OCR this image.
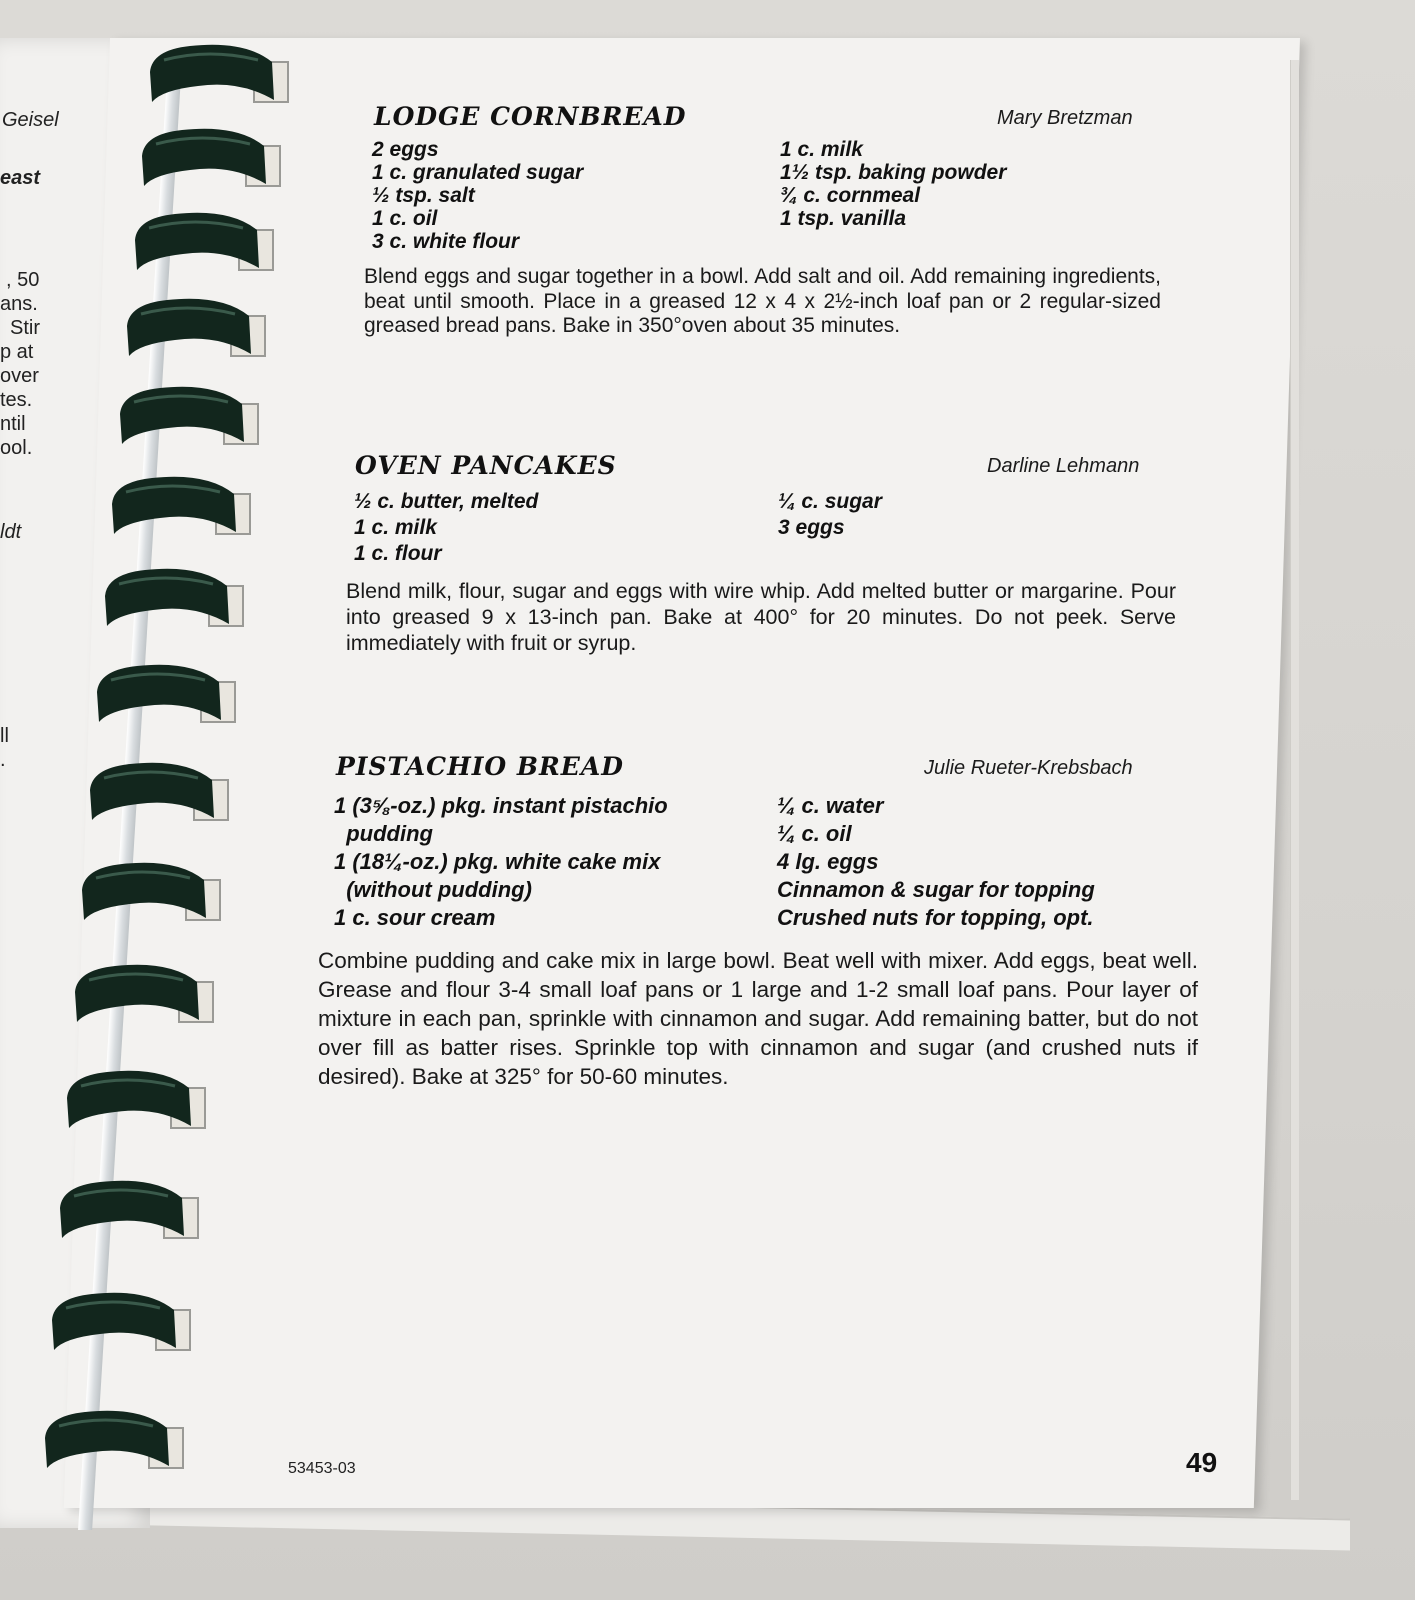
Geisel
east
, 50
ans.
Stir
p at
over
tes.
ntil
ool.
ldt
ll
.
LODGE CORNBREAD	Mary Bretzman
2 eggs
1 c. granulated sugar
½ tsp. salt
1 c. oil
3 c. white flour
1 c. milk
1½ tsp. baking powder
¾ c. cornmeal
1 tsp. vanilla
Blend eggs and sugar together in a bowl. Add salt and oil. Add remaining ingredients, beat until smooth. Place in a greased 12 x 4 x 2½-inch loaf pan or 2 regular-sized greased bread pans. Bake in 350°oven about 35 minutes.
OVEN PANCAKES	Darline Lehmann
½ c. butter, melted
1 c. milk
1 c. flour
¼ c. sugar
3 eggs
Blend milk, flour, sugar and eggs with wire whip. Add melted butter or margarine. Pour into greased 9 x 13-inch pan. Bake at 400° for 20 minutes. Do not peek. Serve immediately with fruit or syrup.
PISTACHIO BREAD	Julie Rueter-Krebsbach
1 (3⅝-oz.) pkg. instant pistachio
pudding
1 (18¼-oz.) pkg. white cake mix
(without pudding)
1 c. sour cream
¼ c. water
¼ c. oil
4 lg. eggs
Cinnamon & sugar for topping
Crushed nuts for topping, opt.
Combine pudding and cake mix in large bowl. Beat well with mixer. Add eggs, beat well. Grease and flour 3-4 small loaf pans or 1 large and 1-2 small loaf pans. Pour layer of mixture in each pan, sprinkle with cinnamon and sugar. Add remaining batter, but do not over fill as batter rises. Sprinkle top with cinnamon and sugar (and crushed nuts if desired). Bake at 325° for 50-60 minutes.
53453-03	49
